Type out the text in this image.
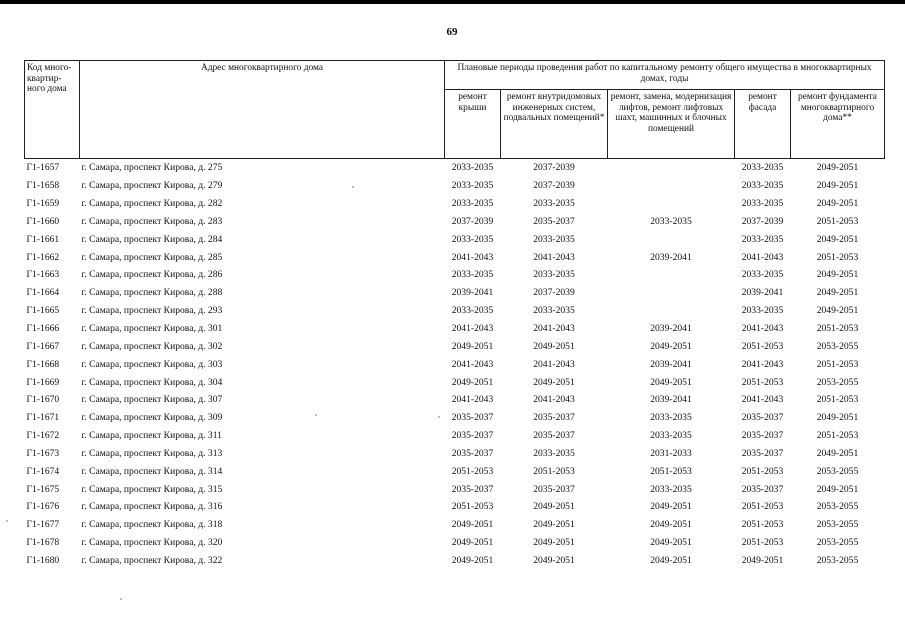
69
Код много-квартир-ного дома	Адрес многоквартирного дома	Плановые периоды проведения работ по капитальному ремонту общего имущества в многоквартирных домах, годы				
		ремонт крыши	ремонт внутридомовых инженерных систем, подвальных помещений*	ремонт, замена, модернизация лифтов, ремонт лифтовых шахт, машинных и блочных помещений	ремонт фасада	ремонт фундамента многоквартирного дома**
Г1-1657	г. Самара, проспект Кирова, д. 275	2033-2035	2037-2039		2033-2035	2049-2051
Г1-1658	г. Самара, проспект Кирова, д. 279	2033-2035	2037-2039		2033-2035	2049-2051
Г1-1659	г. Самара, проспект Кирова, д. 282	2033-2035	2033-2035		2033-2035	2049-2051
Г1-1660	г. Самара, проспект Кирова, д. 283	2037-2039	2035-2037	2033-2035	2037-2039	2051-2053
Г1-1661	г. Самара, проспект Кирова, д. 284	2033-2035	2033-2035		2033-2035	2049-2051
Г1-1662	г. Самара, проспект Кирова, д. 285	2041-2043	2041-2043	2039-2041	2041-2043	2051-2053
Г1-1663	г. Самара, проспект Кирова, д. 286	2033-2035	2033-2035		2033-2035	2049-2051
Г1-1664	г. Самара, проспект Кирова, д. 288	2039-2041	2037-2039		2039-2041	2049-2051
Г1-1665	г. Самара, проспект Кирова, д. 293	2033-2035	2033-2035		2033-2035	2049-2051
Г1-1666	г. Самара, проспект Кирова, д. 301	2041-2043	2041-2043	2039-2041	2041-2043	2051-2053
Г1-1667	г. Самара, проспект Кирова, д. 302	2049-2051	2049-2051	2049-2051	2051-2053	2053-2055
Г1-1668	г. Самара, проспект Кирова, д. 303	2041-2043	2041-2043	2039-2041	2041-2043	2051-2053
Г1-1669	г. Самара, проспект Кирова, д. 304	2049-2051	2049-2051	2049-2051	2051-2053	2053-2055
Г1-1670	г. Самара, проспект Кирова, д. 307	2041-2043	2041-2043	2039-2041	2041-2043	2051-2053
Г1-1671	г. Самара, проспект Кирова, д. 309	2035-2037	2035-2037	2033-2035	2035-2037	2049-2051
Г1-1672	г. Самара, проспект Кирова, д. 311	2035-2037	2035-2037	2033-2035	2035-2037	2051-2053
Г1-1673	г. Самара, проспект Кирова, д. 313	2035-2037	2033-2035	2031-2033	2035-2037	2049-2051
Г1-1674	г. Самара, проспект Кирова, д. 314	2051-2053	2051-2053	2051-2053	2051-2053	2053-2055
Г1-1675	г. Самара, проспект Кирова, д. 315	2035-2037	2035-2037	2033-2035	2035-2037	2049-2051
Г1-1676	г. Самара, проспект Кирова, д. 316	2051-2053	2049-2051	2049-2051	2051-2053	2053-2055
Г1-1677	г. Самара, проспект Кирова, д. 318	2049-2051	2049-2051	2049-2051	2051-2053	2053-2055
Г1-1678	г. Самара, проспект Кирова, д. 320	2049-2051	2049-2051	2049-2051	2051-2053	2053-2055
Г1-1680	г. Самара, проспект Кирова, д. 322	2049-2051	2049-2051	2049-2051	2049-2051	2053-2055
